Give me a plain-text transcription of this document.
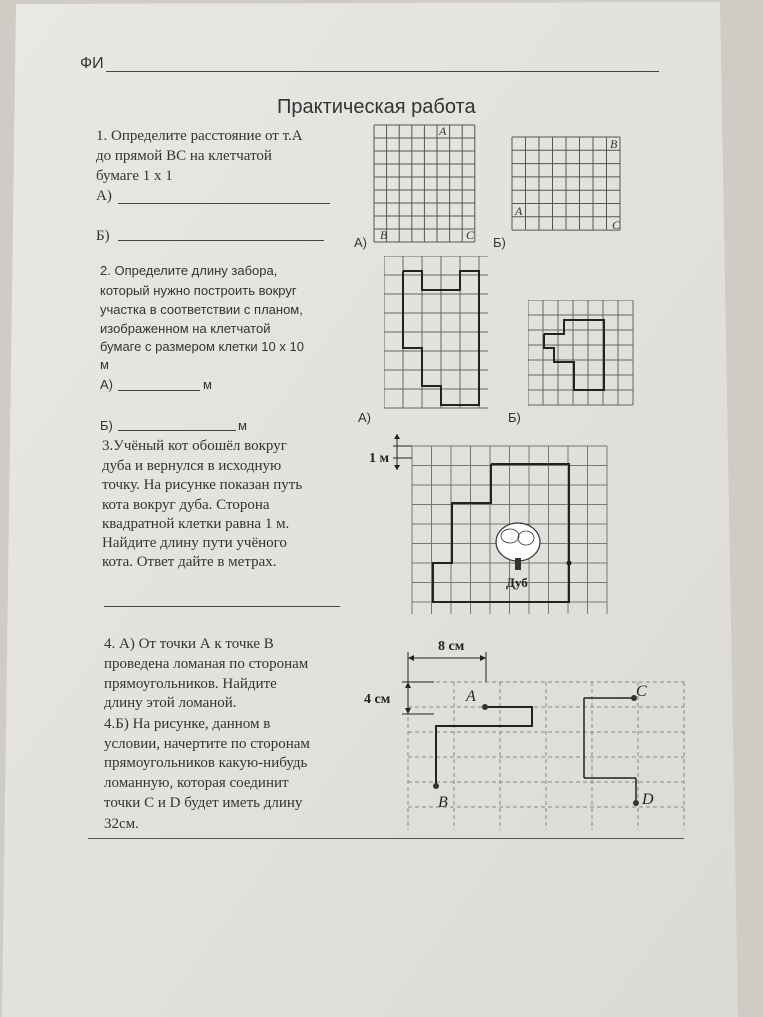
ФИ
Практическая работа
1. Определите расстояние от т.А
до прямой ВС на клетчатой
бумаге 1 х 1
А)
Б)
A
B	C
А)
B
A
C
Б)
2. Определите длину забора,
который нужно построить вокруг
участка в соответствии с планом,
изображенном на клетчатой
бумаге с размером клетки 10 х 10
м
А)	м
Б)	м
А)	Б)
3.Учёный кот обошёл вокруг
дуба и вернулся в исходную
точку. На рисунке показан путь
кота вокруг дуба. Сторона
квадратной клетки равна 1 м.
Найдите длину пути учёного
кота. Ответ дайте в метрах.
1 м
Дуб
4. А) От точки А к точке В
проведена ломаная по сторонам
прямоугольников. Найдите
длину этой ломаной.
4.Б) На рисунке, данном в
условии, начертите по сторонам
прямоугольников какую-нибудь
ломанную, которая соединит
точки C и D будет иметь длину
32см.
8 см
4 см	A
B
C
D
